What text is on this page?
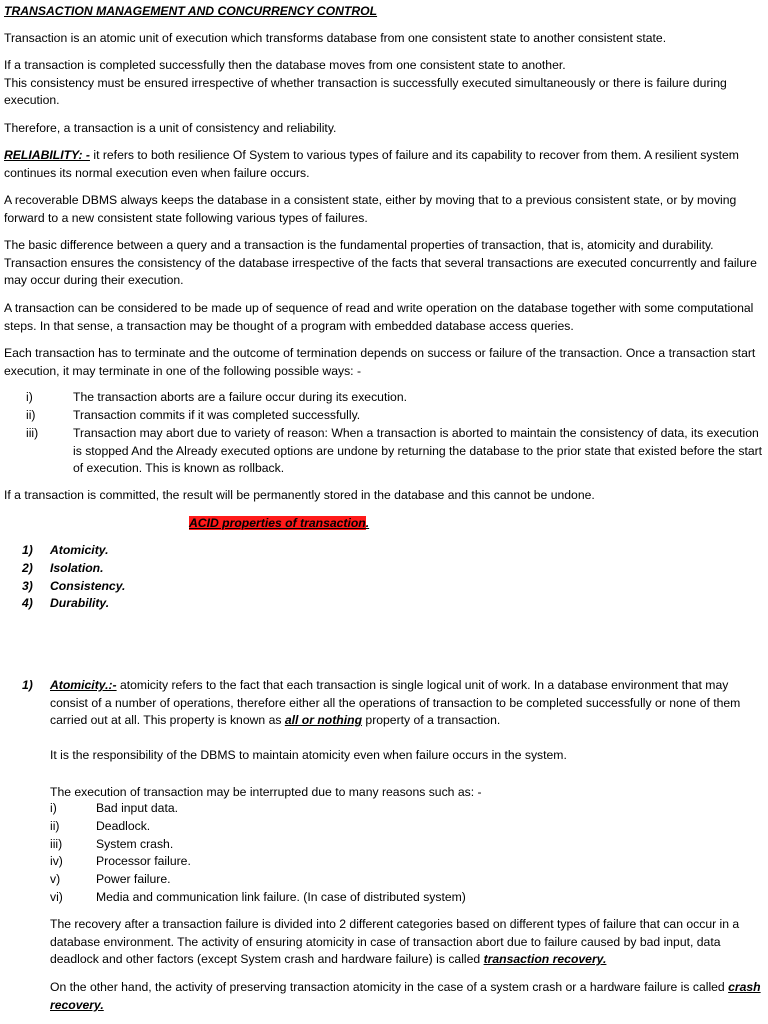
TRANSACTION MANAGEMENT AND CONCURRENCY CONTROL

Transaction is an atomic unit of execution which transforms database from one consistent state to another consistent state.

If a transaction is completed successfully then the database moves from one consistent state to another.

This consistency must be ensured irrespective of whether transaction is successfully executed simultaneously or there is failure during execution.

Therefore, a transaction is a unit of consistency and reliability.

RELIABILITY: - it refers to both resilience Of System to various types of failure and its capability to recover from them. A resilient system continues its normal execution even when failure occurs.

A recoverable DBMS always keeps the database in a consistent state, either by moving that to a previous consistent state, or by moving forward to a new consistent state following various types of failures.

The basic difference between a query and a transaction is the fundamental properties of transaction, that is, atomicity and durability. Transaction ensures the consistency of the database irrespective of the facts that several transactions are executed concurrently and failure may occur during their execution.

A transaction can be considered to be made up of sequence of read and write operation on the database together with some computational steps. In that sense, a transaction may be thought of a program with embedded database access queries.

Each transaction has to terminate and the outcome of termination depends on success or failure of the transaction. Once a transaction start execution, it may terminate in one of the following possible ways: -

i)	The transaction aborts are a failure occur during its execution.
ii)	Transaction commits if it was completed successfully.
iii)	Transaction may abort due to variety of reason: When a transaction is aborted to maintain the consistency of data, its execution is stopped And the Already executed options are undone by returning the database to the prior state that existed before the start of execution. This is known as rollback.

If a transaction is committed, the result will be permanently stored in the database and this cannot be undone.

ACID properties of transaction.

1) Atomicity.
2) Isolation.
3) Consistency.
4) Durability.
1) Atomicity.:- atomicity refers to the fact that each transaction is single logical unit of work. In a database environment that may consist of a number of operations, therefore either all the operations of transaction to be completed successfully or none of them carried out at all. This property is known as all or nothing property of a transaction.

It is the responsibility of the DBMS to maintain atomicity even when failure occurs in the system.

The execution of transaction may be interrupted due to many reasons such as: -

i)	Bad input data.
ii)	Deadlock.
iii)	System crash.
iv)	Processor failure.
v)	Power failure.
vi)	Media and communication link failure. (In case of distributed system)

The recovery after a transaction failure is divided into 2 different categories based on different types of failure that can occur in a database environment. The activity of ensuring atomicity in case of transaction abort due to failure caused by bad input, data deadlock and other factors (except System crash and hardware failure) is called transaction recovery.

On the other hand, the activity of preserving transaction atomicity in the case of a system crash or a hardware failure is called crash recovery.
